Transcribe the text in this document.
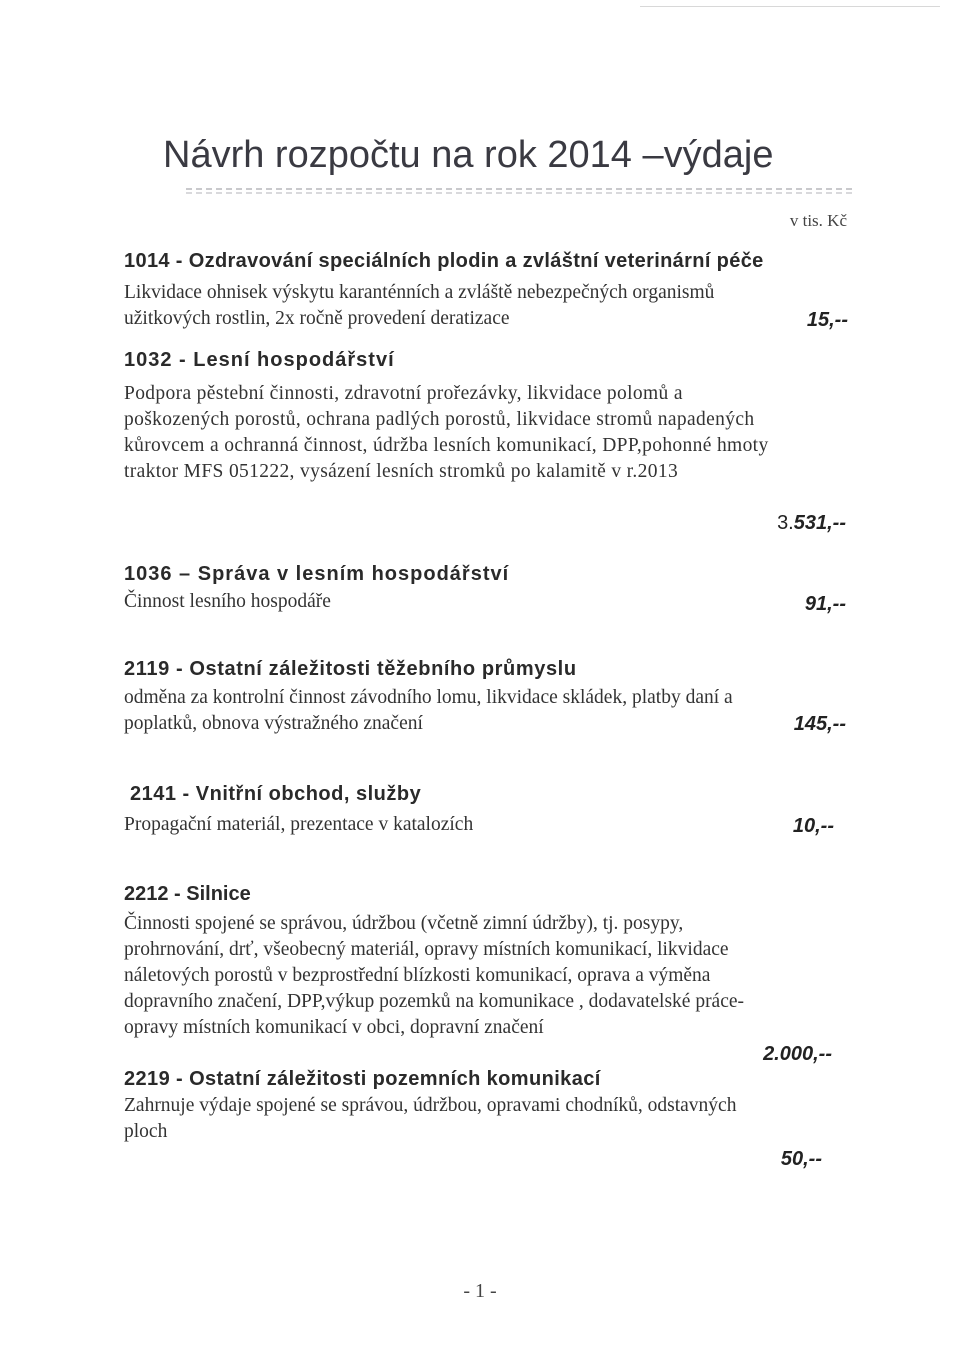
Návrh rozpočtu na rok 2014 –výdaje
v tis. Kč
1014 - Ozdravování speciálních plodin a zvláštní veterinární péče
Likvidace ohnisek výskytu karanténních a zvláště nebezpečných organismů
užitkových rostlin, 2x ročně provedení deratizace	15,--
1032 - Lesní hospodářství
Podpora pěstební činnosti, zdravotní prořezávky, likvidace polomů a
poškozených porostů, ochrana padlých porostů, likvidace stromů napadených
kůrovcem a ochranná činnost, údržba lesních komunikací, DPP,pohonné hmoty
traktor MFS 051222, vysázení lesních stromků po kalamitě v r.2013
3.531,--
1036 – Správa v lesním hospodářství
Činnost lesního hospodáře	91,--
2119 - Ostatní záležitosti těžebního průmyslu
odměna za kontrolní činnost závodního lomu, likvidace skládek, platby daní a
poplatků, obnova výstražného značení	145,--
2141 - Vnitřní obchod, služby
Propagační materiál, prezentace v katalozích	10,--
2212 - Silnice
Činnosti spojené se správou, údržbou (včetně zimní údržby), tj. posypy,
prohrnování, drť, všeobecný materiál, opravy místních komunikací, likvidace
náletových porostů v bezprostřední blízkosti komunikací, oprava a výměna
dopravního značení, DPP,výkup pozemků na komunikace , dodavatelské práce-
opravy místních komunikací v obci, dopravní značení
2.000,--
2219 - Ostatní záležitosti pozemních komunikací
Zahrnuje výdaje spojené se správou, údržbou, opravami chodníků, odstavných
ploch
50,--
- 1 -
